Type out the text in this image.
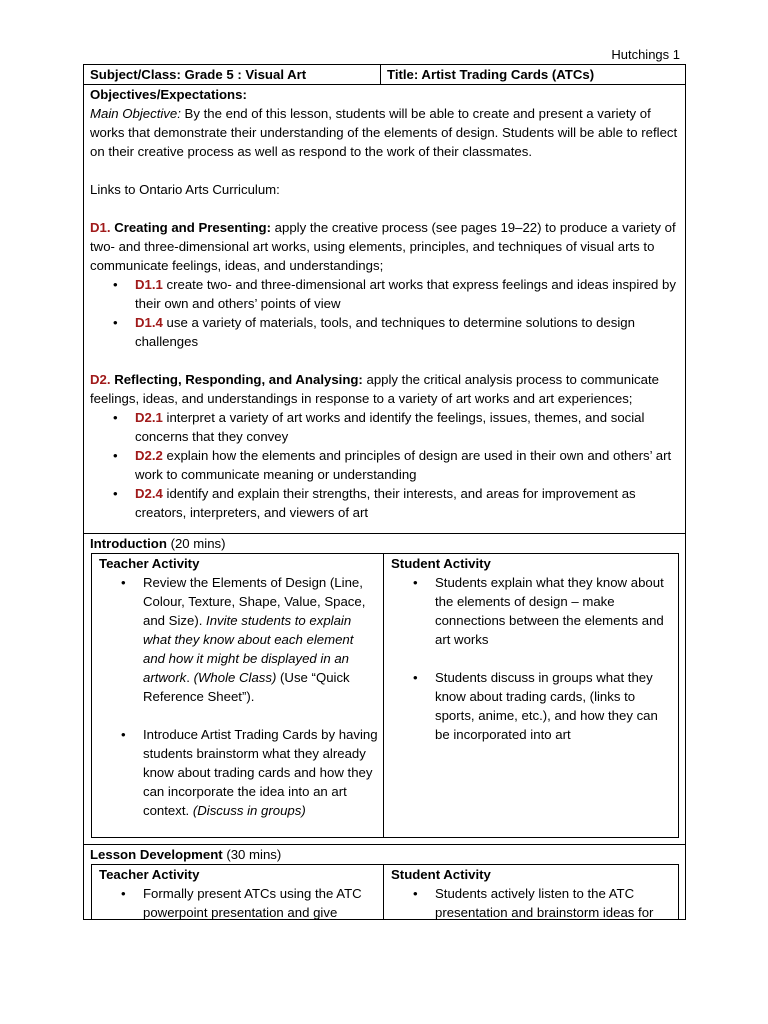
Hutchings 1
Subject/Class: Grade 5 : Visual Art	Title: Artist Trading Cards (ATCs)

Objectives/Expectations:

Main Objective: By the end of this lesson, students will be able to create and present a variety of works that demonstrate their understanding of the elements of design. Students will be able to reflect on their creative process as well as respond to the work of their classmates.

Links to Ontario Arts Curriculum:

D1. Creating and Presenting: apply the creative process (see pages 19–22) to produce a variety of two- and three-dimensional art works, using elements, principles, and techniques of visual arts to communicate feelings, ideas, and understandings;

• D1.1 create two- and three-dimensional art works that express feelings and ideas inspired by their own and others’ points of view
• D1.4 use a variety of materials, tools, and techniques to determine solutions to design challenges

D2. Reflecting, Responding, and Analysing: apply the critical analysis process to communicate feelings, ideas, and understandings in response to a variety of art works and art experiences;

• D2.1 interpret a variety of art works and identify the feelings, issues, themes, and social concerns that they convey
• D2.2 explain how the elements and principles of design are used in their own and others’ art work to communicate meaning or understanding
• D2.4 identify and explain their strengths, their interests, and areas for improvement as creators, interpreters, and viewers of art

Introduction (20 mins)

Teacher Activity

• Review the Elements of Design (Line, Colour, Texture, Shape, Value, Space, and Size). Invite students to explain what they know about each element and how it might be displayed in an artwork. (Whole Class) (Use “Quick Reference Sheet”).
• Introduce Artist Trading Cards by having students brainstorm what they already know about trading cards and how they can incorporate the idea into an art context. (Discuss in groups)

Student Activity

• Students explain what they know about the elements of design – make connections between the elements and art works
• Students discuss in groups what they know about trading cards, (links to sports, anime, etc.), and how they can be incorporated into art

Lesson Development (30 mins)

Teacher Activity

• Formally present ATCs using the ATC powerpoint presentation and give

Student Activity

• Students actively listen to the ATC presentation and brainstorm ideas for
